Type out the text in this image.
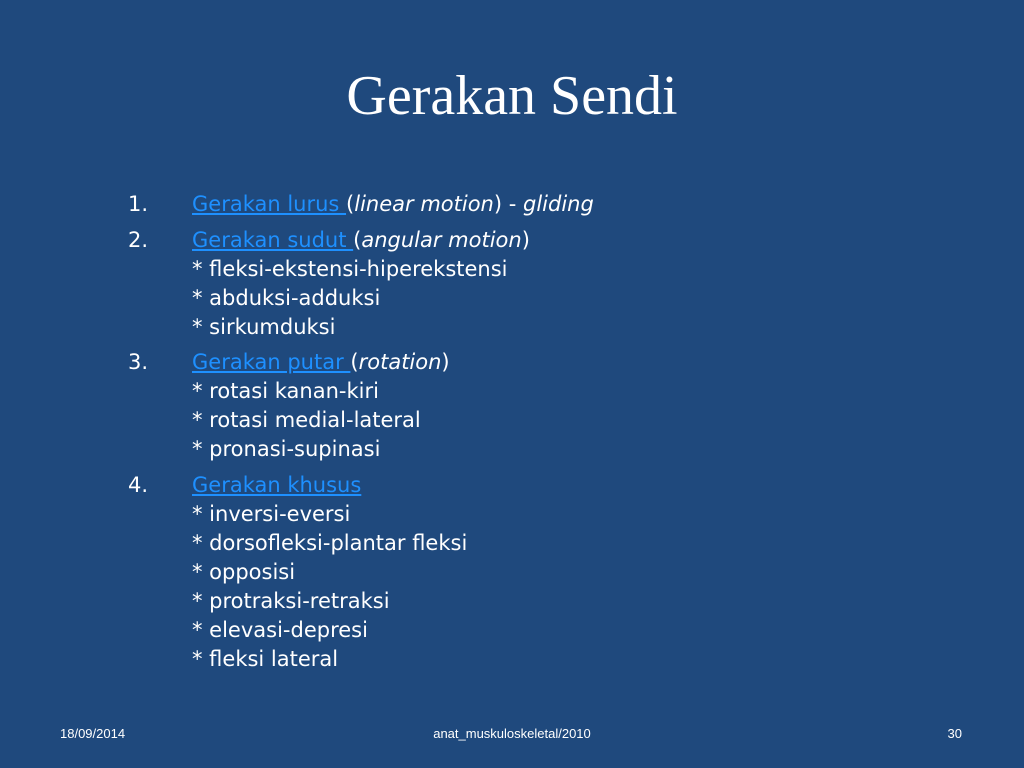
Gerakan Sendi
1.	Gerakan lurus (linear motion) - gliding
2.	Gerakan sudut (angular motion)
* fleksi-ekstensi-hiperekstensi
* abduksi-adduksi
* sirkumduksi
3.	Gerakan putar (rotation)
* rotasi kanan-kiri
* rotasi medial-lateral
* pronasi-supinasi
4.	Gerakan khusus
* inversi-eversi
* dorsofleksi-plantar fleksi
* opposisi
* protraksi-retraksi
* elevasi-depresi
* fleksi lateral
18/09/2014	anat_muskuloskeletal/2010	30
